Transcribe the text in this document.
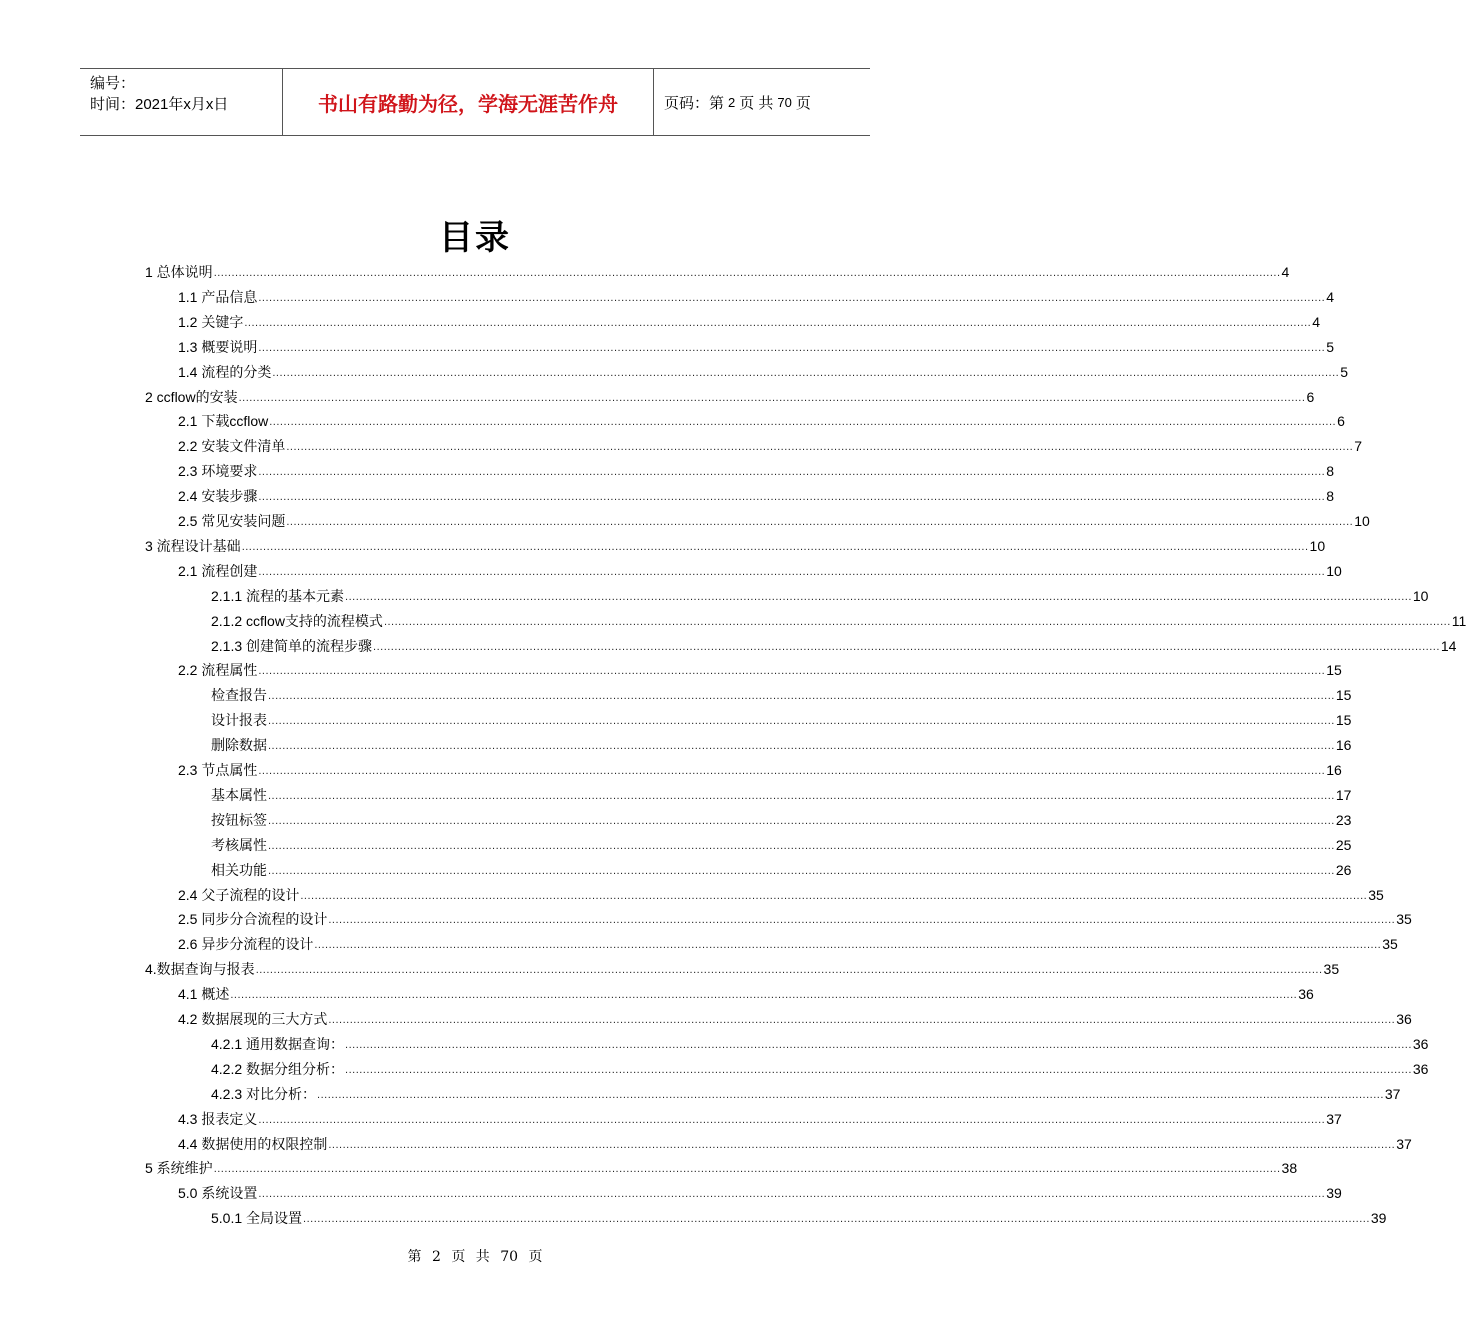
编号：
时间：2021年x月x日	书山有路勤为径，学海无涯苦作舟	页码：第 2 页 共 70 页
目录
1 总体说明 ............................................................................................................................................................................................................................................................................................................ 4
1.1 产品信息 ............................................................................................................................................................................................................................................................................................................ 4
1.2 关键字 ............................................................................................................................................................................................................................................................................................................ 4
1.3 概要说明 ............................................................................................................................................................................................................................................................................................................ 5
1.4 流程的分类 ............................................................................................................................................................................................................................................................................................................ 5
2 ccflow的安装 ............................................................................................................................................................................................................................................................................................................ 6
2.1 下载ccflow ............................................................................................................................................................................................................................................................................................................ 6
2.2 安装文件清单 ............................................................................................................................................................................................................................................................................................................ 7
2.3 环境要求 ............................................................................................................................................................................................................................................................................................................ 8
2.4 安装步骤 ............................................................................................................................................................................................................................................................................................................ 8
2.5 常见安装问题 ............................................................................................................................................................................................................................................................................................................ 10
3 流程设计基础 ............................................................................................................................................................................................................................................................................................................ 10
2.1 流程创建 ............................................................................................................................................................................................................................................................................................................ 10
2.1.1 流程的基本元素 ............................................................................................................................................................................................................................................................................................................ 10
2.1.2 ccflow支持的流程模式 ............................................................................................................................................................................................................................................................................................................ 11
2.1.3 创建简单的流程步骤 ............................................................................................................................................................................................................................................................................................................ 14
2.2 流程属性 ............................................................................................................................................................................................................................................................................................................ 15
检查报告 ............................................................................................................................................................................................................................................................................................................ 15
设计报表 ............................................................................................................................................................................................................................................................................................................ 15
删除数据 ............................................................................................................................................................................................................................................................................................................ 16
2.3 节点属性 ............................................................................................................................................................................................................................................................................................................ 16
基本属性 ............................................................................................................................................................................................................................................................................................................ 17
按钮标签 ............................................................................................................................................................................................................................................................................................................ 23
考核属性 ............................................................................................................................................................................................................................................................................................................ 25
相关功能 ............................................................................................................................................................................................................................................................................................................ 26
2.4 父子流程的设计 ............................................................................................................................................................................................................................................................................................................ 35
2.5 同步分合流程的设计 ............................................................................................................................................................................................................................................................................................................ 35
2.6 异步分流程的设计 ............................................................................................................................................................................................................................................................................................................ 35
4.数据查询与报表 ............................................................................................................................................................................................................................................................................................................ 35
4.1 概述 ............................................................................................................................................................................................................................................................................................................ 36
4.2 数据展现的三大方式 ............................................................................................................................................................................................................................................................................................................ 36
4.2.1 通用数据查询： ............................................................................................................................................................................................................................................................................................................ 36
4.2.2 数据分组分析： ............................................................................................................................................................................................................................................................................................................ 36
4.2.3 对比分析： ............................................................................................................................................................................................................................................................................................................ 37
4.3 报表定义 ............................................................................................................................................................................................................................................................................................................ 37
4.4 数据使用的权限控制 ............................................................................................................................................................................................................................................................................................................ 37
5 系统维护 ............................................................................................................................................................................................................................................................................................................ 38
5.0 系统设置 ............................................................................................................................................................................................................................................................................................................ 39
5.0.1 全局设置 ............................................................................................................................................................................................................................................................................................................ 39
第 2 页 共 70 页
